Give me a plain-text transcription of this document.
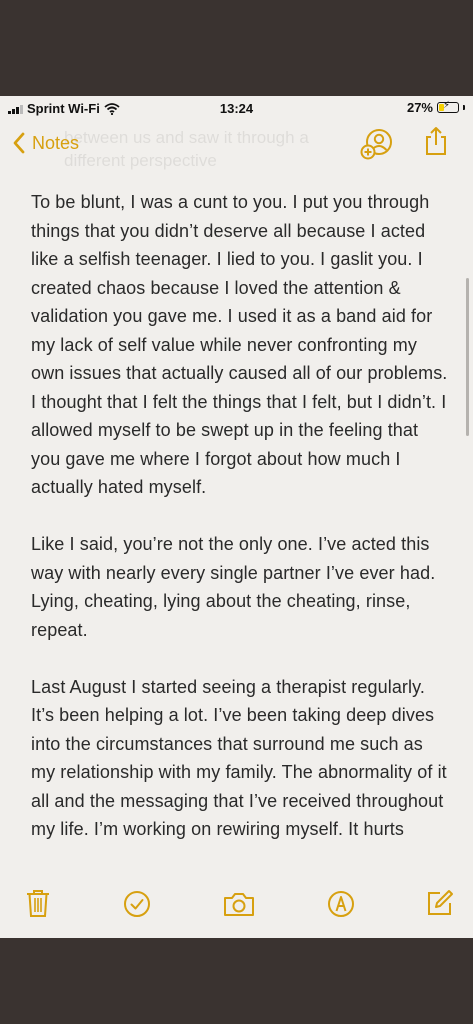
Sprint Wi-Fi	13:24	27% ⚡
between us and saw it through a
different perspective
Notes

To be blunt, I was a cunt to you. I put you through things that you didn’t deserve all because I acted like a selfish teenager. I lied to you. I gaslit you. I created chaos because I loved the attention & validation you gave me. I used it as a band aid for my lack of self value while never confronting my own issues that actually caused all of our problems. I thought that I felt the things that I felt, but I didn’t. I allowed myself to be swept up in the feeling that you gave me where I forgot about how much I actually hated myself.

Like I said, you’re not the only one. I’ve acted this way with nearly every single partner I’ve ever had. Lying, cheating, lying about the cheating, rinse, repeat.

Last August I started seeing a therapist regularly. It’s been helping a lot. I’ve been taking deep dives into the circumstances that surround me such as my relationship with my family. The abnormality of it all and the messaging that I’ve received throughout my life. I’m working on rewiring myself. It hurts
